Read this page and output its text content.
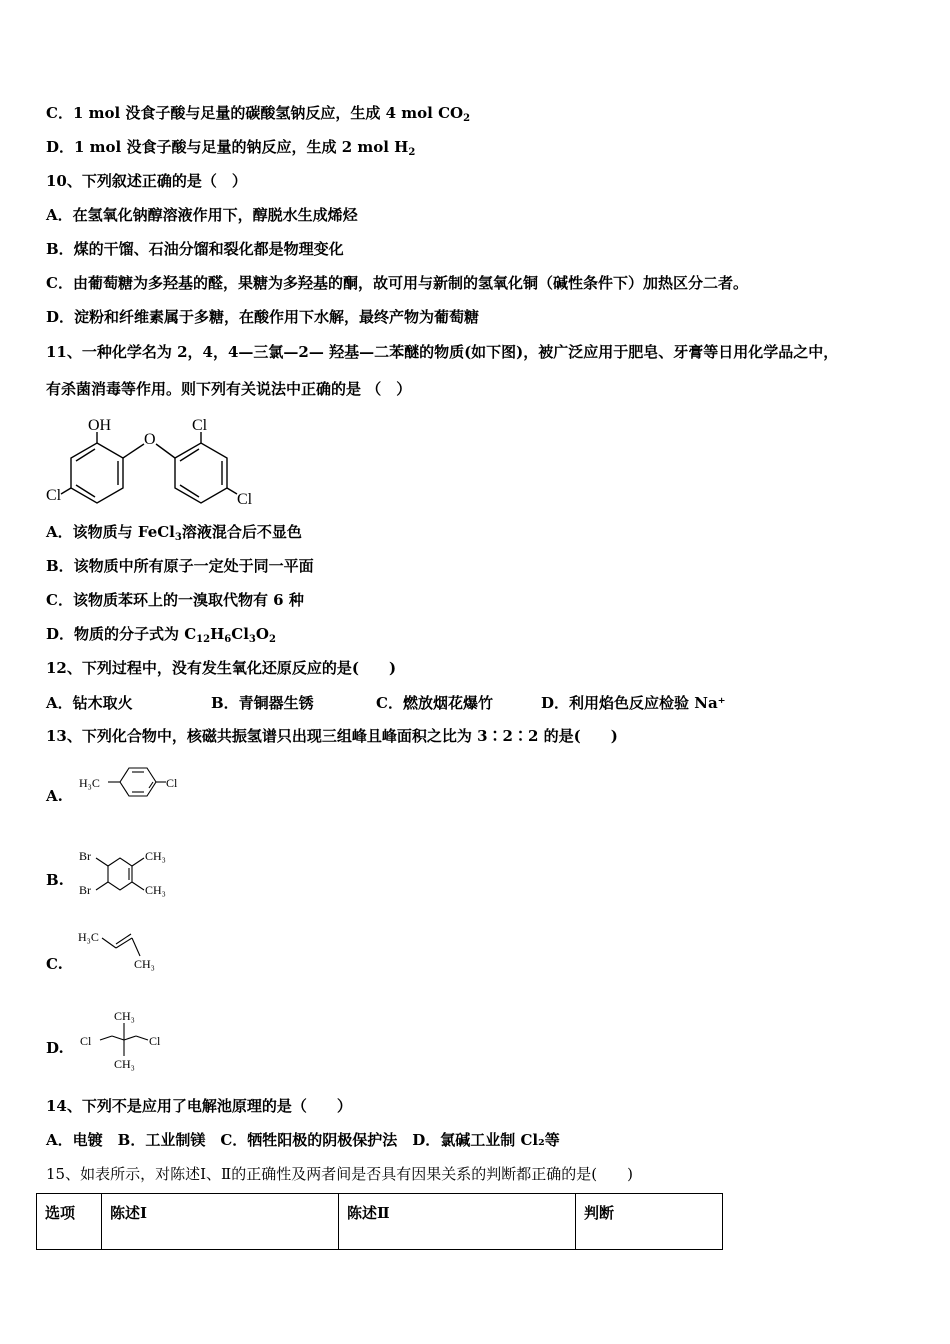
C．1 mol 没食子酸与足量的碳酸氢钠反应，生成 4 mol $CO_2$
D．1 mol 没食子酸与足量的钠反应，生成 2 mol $H_2$
10、下列叙述正确的是（　）
A．在氢氧化钠醇溶液作用下，醇脱水生成烯烃
B．煤的干馏、石油分馏和裂化都是物理变化
C．由葡萄糖为多羟基的醛，果糖为多羟基的酮，故可用与新制的氢氧化铜（碱性条件下）加热区分二者。
D．淀粉和纤维素属于多糖，在酸作用下水解，最终产物为葡萄糖
11、一种化学名为 2，4，4—三氯—2— 羟基—二苯醚的物质(如下图)，被广泛应用于肥皂、牙膏等日用化学品之中，
有杀菌消毒等作用。则下列有关说法中正确的是 （　）
OH
O
Cl
Cl	Cl
A．该物质与 FeCl$_3$溶液混合后不显色
B．该物质中所有原子一定处于同一平面
C．该物质苯环上的一溴取代物有 6 种
D．物质的分子式为 $C_{12}H_6Cl_3O_2$
12、下列过程中，没有发生氧化还原反应的是(　　)
A．钻木取火	B．青铜器生锈	C．燃放烟花爆竹	D．利用焰色反应检验 Na⁺
13、下列化合物中，核磁共振氢谱只出现三组峰且峰面积之比为 3∶2∶2 的是(　　)
A.
H₃C	Cl
B.
Br
Br
CH₃
CH₃
C.
H₃C
CH₃
D.
CH₃
CH₃
Cl	Cl
14、下列不是应用了电解池原理的是（　　）
A．电镀　B．工业制镁　C．牺牲阳极的阴极保护法　D．氯碱工业制 Cl₂等
15、如表所示，对陈述Ⅰ、Ⅱ的正确性及两者间是否具有因果关系的判断都正确的是(　　)
选项	陈述Ⅰ	陈述Ⅱ	判断
